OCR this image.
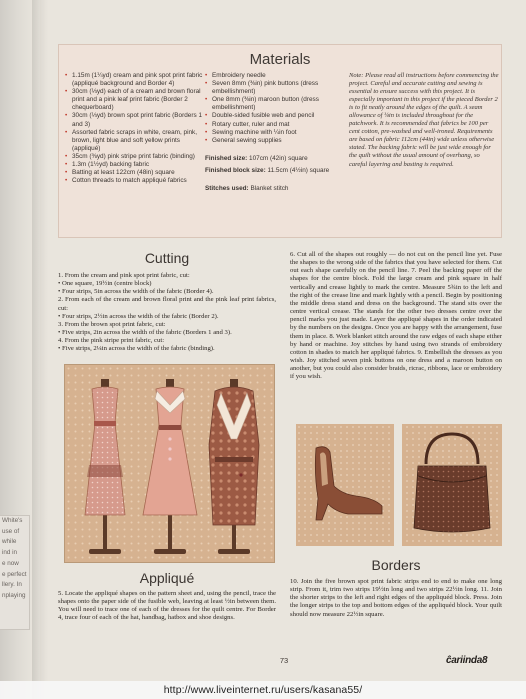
Materials
• 1.15m (1¼yd) cream and pink spot print fabric (appliqué background and Border 4)
• 30cm (⅓yd) each of a cream and brown floral print and a pink leaf print fabric (Border 2 chequerboard)
• 30cm (⅓yd) brown spot print fabric (Borders 1 and 3)
• Assorted fabric scraps in white, cream, pink, brown, light blue and soft yellow prints (appliqué)
• 35cm (⅜yd) pink stripe print fabric (binding)
• 1.3m (1½yd) backing fabric
• Batting at least 122cm (48in) square
• Cotton threads to match appliqué fabrics
• Embroidery needle
• Seven 8mm (⅜in) pink buttons (dress embellishment)
• One 8mm (⅜in) maroon button (dress embellishment)
• Double-sided fusible web and pencil
• Rotary cutter, ruler and mat
• Sewing machine with ¼in foot
• General sewing supplies
Finished size: 107cm (42in) square
Finished block size: 11.5cm (4½in) square
Stitches used: Blanket stitch
Note: Please read all instructions before commencing the project. Careful and accurate cutting and sewing is essential to ensure success with this project. It is especially important in this project if the pieced Border 2 is to fit neatly around the edges of the quilt. A seam allowance of ¼in is included throughout for the patchwork. It is recommended that fabrics be 100 per cent cotton, pre-washed and well-ironed. Requirements are based on fabric 112cm (44in) wide unless otherwise stated. The backing fabric will be just wide enough for the quilt without the usual amount of overhang, so careful layering and basting is required.
Cutting
1. From the cream and pink spot print fabric, cut:
• One square, 19½in (centre block)
• Four strips, 5in across the width of the fabric (Border 4).
2. From each of the cream and brown floral print and the pink leaf print fabrics, cut:
• Four strips, 2½in across the width of the fabric (Border 2).
3. From the brown spot print fabric, cut:
• Five strips, 2in across the width of the fabric (Borders 1 and 3).
4. From the pink stripe print fabric, cut:
• Five strips, 2¼in across the width of the fabric (binding).
Appliqué
5. Locate the appliqué shapes on the pattern sheet and, using the pencil, trace the shapes onto the paper side of the fusible web, leaving at least ½in between them. You will need to trace one of each of the dresses for the quilt centre. For Border 4, trace four of each of the hat, handbag, hatbox and shoe designs.
6. Cut all of the shapes out roughly — do not cut on the pencil line yet. Fuse the shapes to the wrong side of the fabrics that you have selected for them. Cut out each shape carefully on the pencil line. 7. Peel the backing paper off the shapes for the centre block. Fold the large cream and pink square in half vertically and crease lightly to mark the centre. Measure 5¾in to the left and the right of the crease line and mark lightly with a pencil. Begin by positioning the middle dress stand and dress on the background. The stand sits over the centre vertical crease. The stands for the other two dresses centre over the pencil marks you just made. Layer the appliqué shapes in the order indicated by the numbers on the designs. Once you are happy with the arrangement, fuse them in place. 8. Work blanket stitch around the raw edges of each shape either by hand or machine. Joy stitches by hand using two strands of embroidery cotton in shades to match her appliqué fabrics. 9. Embellish the dresses as you wish. Joy stitched seven pink buttons on one dress and a maroon button on another, but you could also consider braids, ricrac, ribbons, lace or embroidery if you wish.
Borders
10. Join the five brown spot print fabric strips end to end to make one long strip. From it, trim two strips 19½in long and two strips 22½in long. 11. Join the shorter strips to the left and right edges of the appliquéd block. Press. Join the longer strips to the top and bottom edges of the appliquéd block. Your quilt should now measure 22½in square.
White's
use of
while
ind in
e now
e perfect
llery. In
nplaying
73	ĉariinda8
http://www.liveinternet.ru/users/kasana55/
